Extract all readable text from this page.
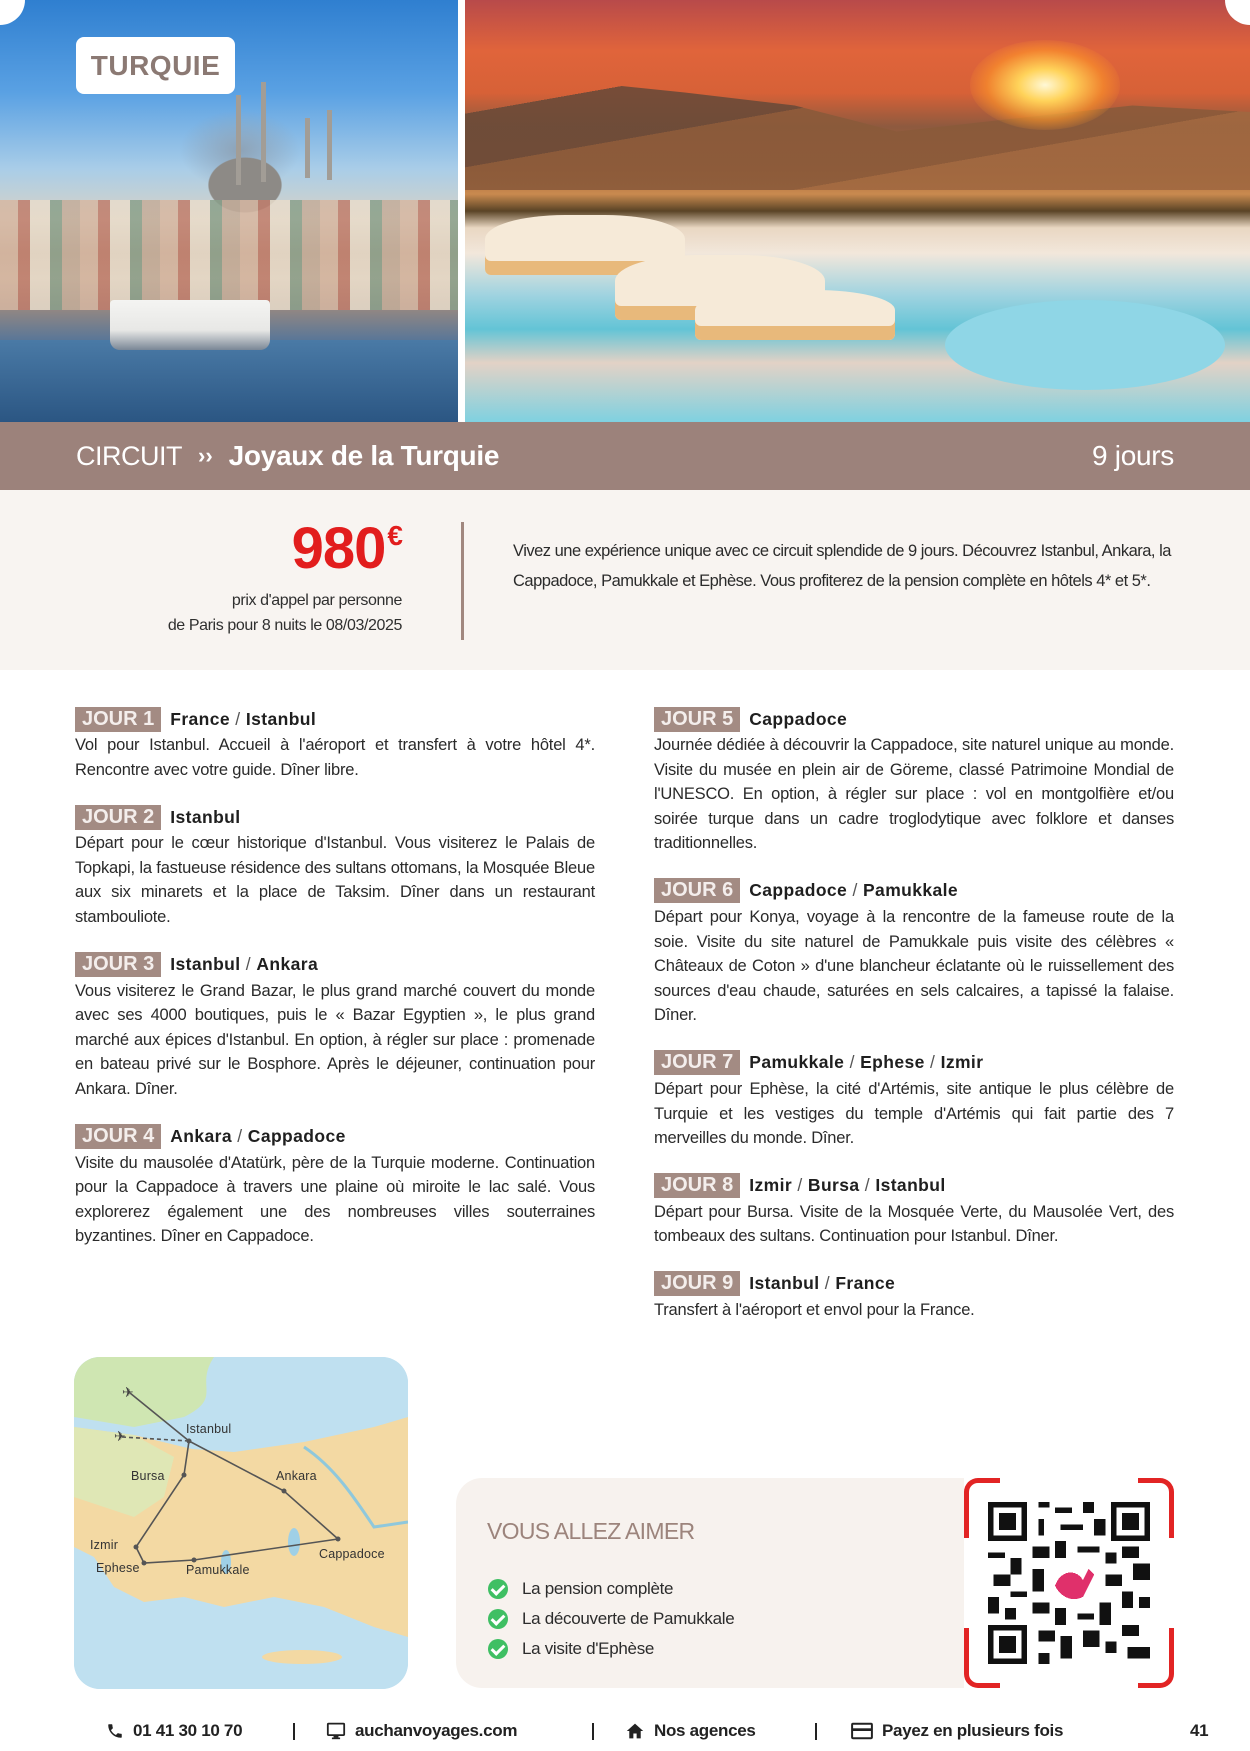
TURQUIE
CIRCUIT ›› Joyaux de la Turquie	9 jours
980€
prix d'appel par personne
de Paris pour 8 nuits le 08/03/2025

Vivez une expérience unique avec ce circuit splendide de 9 jours. Découvrez Istanbul, Ankara, la Cappadoce, Pamukkale et Ephèse. Vous profiterez de la pension complète en hôtels 4* et 5*.

JOUR 1 France / Istanbul

Vol pour Istanbul. Accueil à l'aéroport et transfert à votre hôtel 4*. Rencontre avec votre guide. Dîner libre.

JOUR 2 Istanbul

Départ pour le cœur historique d'Istanbul. Vous visiterez le Palais de Topkapi, la fastueuse résidence des sultans ottomans, la Mosquée Bleue aux six minarets et la place de Taksim. Dîner dans un restaurant stambouliote.

JOUR 3 Istanbul / Ankara

Vous visiterez le Grand Bazar, le plus grand marché couvert du monde avec ses 4000 boutiques, puis le « Bazar Egyptien », le plus grand marché aux épices d'Istanbul. En option, à régler sur place : promenade en bateau privé sur le Bosphore. Après le déjeuner, continuation pour Ankara. Dîner.

JOUR 4 Ankara / Cappadoce

Visite du mausolée d'Atatürk, père de la Turquie moderne. Continuation pour la Cappadoce à travers une plaine où miroite le lac salé. Vous explorerez également une des nombreuses villes souterraines byzantines. Dîner en Cappadoce.

JOUR 5 Cappadoce

Journée dédiée à découvrir la Cappadoce, site naturel unique au monde. Visite du musée en plein air de Göreme, classé Patrimoine Mondial de l'UNESCO. En option, à régler sur place : vol en montgolfière et/ou soirée turque dans un cadre troglodytique avec folklore et danses traditionnelles.

JOUR 6 Cappadoce / Pamukkale

Départ pour Konya, voyage à la rencontre de la fameuse route de la soie. Visite du site naturel de Pamukkale puis visite des célèbres « Châteaux de Coton » d'une blancheur éclatante où le ruissellement des sources d'eau chaude, saturées en sels calcaires, a tapissé la falaise. Dîner.

JOUR 7 Pamukkale / Ephese / Izmir

Départ pour Ephèse, la cité d'Artémis, site antique le plus célèbre de Turquie et les vestiges du temple d'Artémis qui fait partie des 7 merveilles du monde. Dîner.

JOUR 8 Izmir / Bursa / Istanbul

Départ pour Bursa. Visite de la Mosquée Verte, du Mausolée Vert, des tombeaux des sultans. Continuation pour Istanbul. Dîner.

JOUR 9 Istanbul / France

Transfert à l'aéroport et envol pour la France.

✈
✈	Istanbul
Bursa	Ankara
Izmir
Ephese	Pamukkale
Cappadoce
VOUS ALLEZ AIMER
La pension complète
La découverte de Pamukkale
La visite d'Ephèse
01 41 30 10 70	auchanvoyages.com	Nos agences	Payez en plusieurs fois	41
